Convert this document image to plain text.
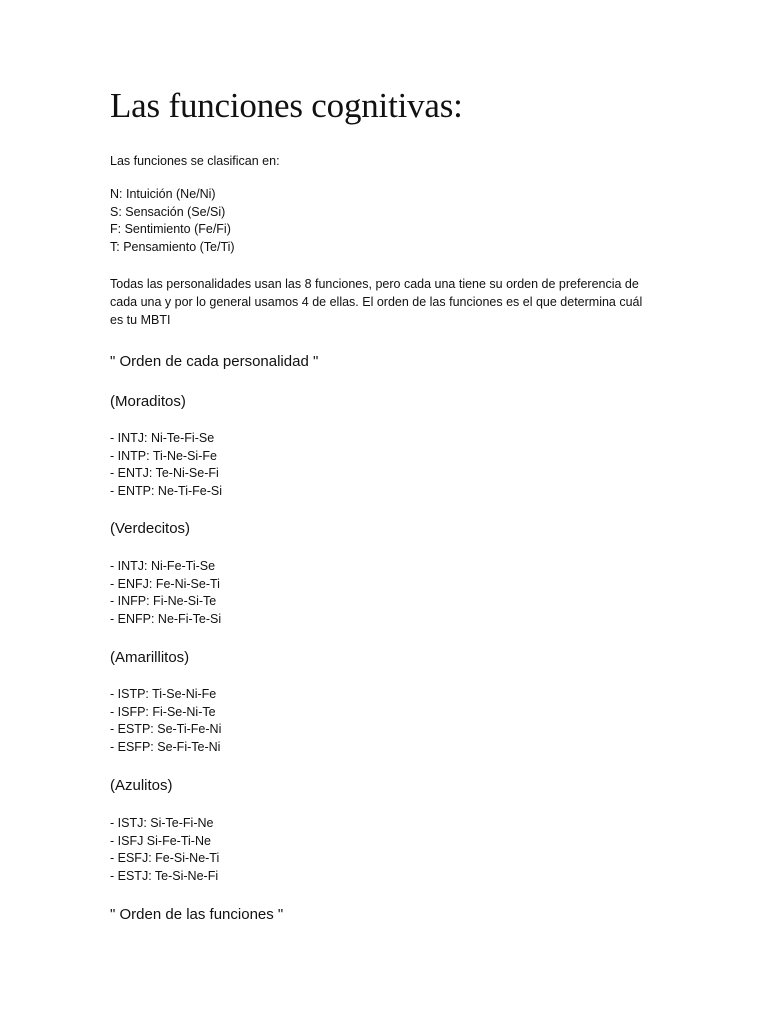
Las funciones cognitivas:

Las funciones se clasifican en:

N: Intuición (Ne/Ni)
S: Sensación (Se/Si)
F: Sentimiento (Fe/Fi)
T: Pensamiento (Te/Ti)
Todas las personalidades usan las 8 funciones, pero cada una tiene su orden de preferencia de
cada una y por lo general usamos 4 de ellas. El orden de las funciones es el que determina cuál
es tu MBTI
" Orden de cada personalidad "
(Moraditos)
- INTJ: Ni-Te-Fi-Se
- INTP: Ti-Ne-Si-Fe
- ENTJ: Te-Ni-Se-Fi
- ENTP: Ne-Ti-Fe-Si
(Verdecitos)
- INTJ: Ni-Fe-Ti-Se
- ENFJ: Fe-Ni-Se-Ti
- INFP: Fi-Ne-Si-Te
- ENFP: Ne-Fi-Te-Si
(Amarillitos)
- ISTP: Ti-Se-Ni-Fe
- ISFP: Fi-Se-Ni-Te
- ESTP: Se-Ti-Fe-Ni
- ESFP: Se-Fi-Te-Ni
(Azulitos)
- ISTJ: Si-Te-Fi-Ne
- ISFJ Si-Fe-Ti-Ne
- ESFJ: Fe-Si-Ne-Ti
- ESTJ: Te-Si-Ne-Fi
" Orden de las funciones "
